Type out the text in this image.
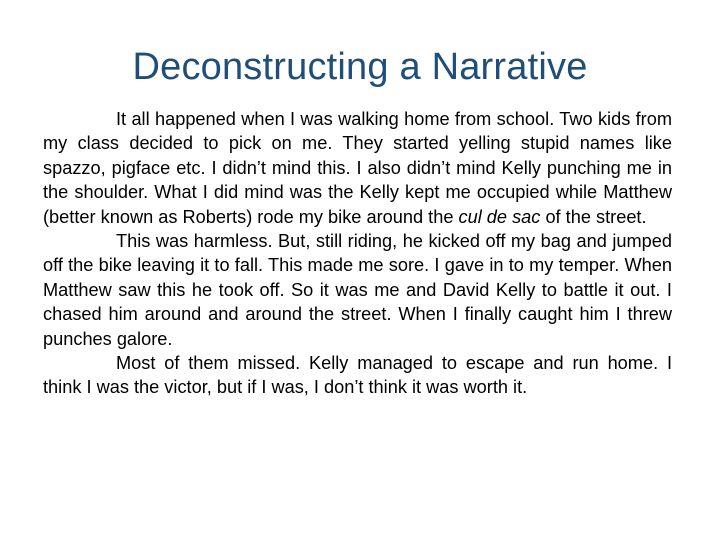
Deconstructing a Narrative

It all happened when I was walking home from school. Two kids from my class decided to pick on me. They started yelling stupid names like spazzo, pigface etc. I didn’t mind this. I also didn’t mind Kelly punching me in the shoulder. What I did mind was the Kelly kept me occupied while Matthew (better known as Roberts) rode my bike around the cul de sac of the street.

This was harmless. But, still riding, he kicked off my bag and jumped off the bike leaving it to fall. This made me sore. I gave in to my temper. When Matthew saw this he took off. So it was me and David Kelly to battle it out. I chased him around and around the street. When I finally caught him I threw punches galore.

Most of them missed. Kelly managed to escape and run home. I think I was the victor, but if I was, I don’t think it was worth it.
